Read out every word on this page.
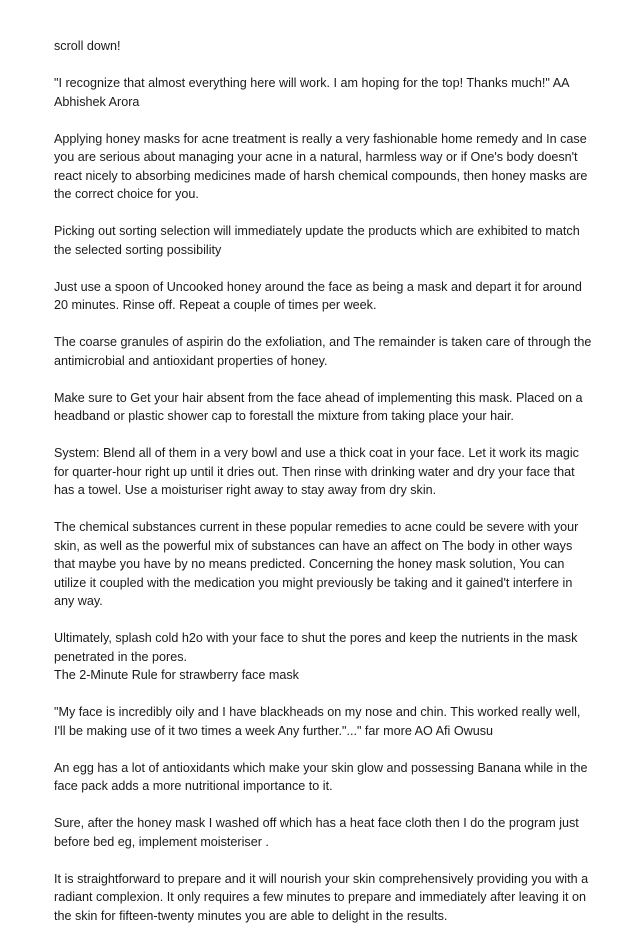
scroll down!

"I recognize that almost everything here will work. I am hoping for the top! Thanks much!" AA Abhishek Arora

Applying honey masks for acne treatment is really a very fashionable home remedy and In case you are serious about managing your acne in a natural, harmless way or if One's body doesn't react nicely to absorbing medicines made of harsh chemical compounds, then honey masks are the correct choice for you.

Picking out sorting selection will immediately update the products which are exhibited to match the selected sorting possibility

Just use a spoon of Uncooked honey around the face as being a mask and depart it for around 20 minutes. Rinse off. Repeat a couple of times per week.

The coarse granules of aspirin do the exfoliation, and The remainder is taken care of through the antimicrobial and antioxidant properties of honey.

Make sure to Get your hair absent from the face ahead of implementing this mask. Placed on a headband or plastic shower cap to forestall the mixture from taking place your hair.

System: Blend all of them in a very bowl and use a thick coat in your face. Let it work its magic for quarter-hour right up until it dries out. Then rinse with drinking water and dry your face that has a towel. Use a moisturiser right away to stay away from dry skin.

The chemical substances current in these popular remedies to acne could be severe with your skin, as well as the powerful mix of substances can have an affect on The body in other ways that maybe you have by no means predicted. Concerning the honey mask solution, You can utilize it coupled with the medication you might previously be taking and it gained't interfere in any way.

Ultimately, splash cold h2o with your face to shut the pores and keep the nutrients in the mask penetrated in the pores.

The 2-Minute Rule for strawberry face mask

"My face is incredibly oily and I have blackheads on my nose and chin. This worked really well, I'll be making use of it two times a week Any further."..." far more AO Afi Owusu

An egg has a lot of antioxidants which make your skin glow and possessing Banana while in the face pack adds a more nutritional importance to it.

Sure, after the honey mask I washed off which has a heat face cloth then I do the program just before bed eg, implement moisteriser .

It is straightforward to prepare and it will nourish your skin comprehensively providing you with a radiant complexion. It only requires a few minutes to prepare and immediately after leaving it on the skin for fifteen-twenty minutes you are able to delight in the results.
